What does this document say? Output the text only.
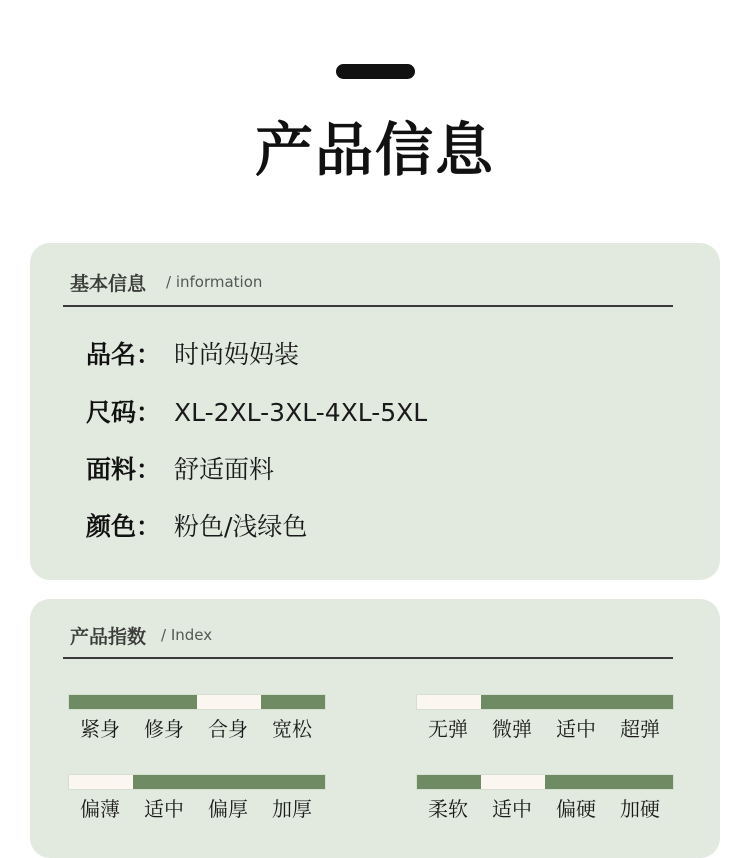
产品信息
基本信息 / information
品名： 时尚妈妈装
尺码： XL-2XL-3XL-4XL-5XL
面料： 舒适面料
颜色： 粉色/浅绿色
产品指数 / Index
紧身	修身	合身	宽松	无弹	微弹	适中	超弹
偏薄	适中	偏厚	加厚	柔软	适中	偏硬	加硬
